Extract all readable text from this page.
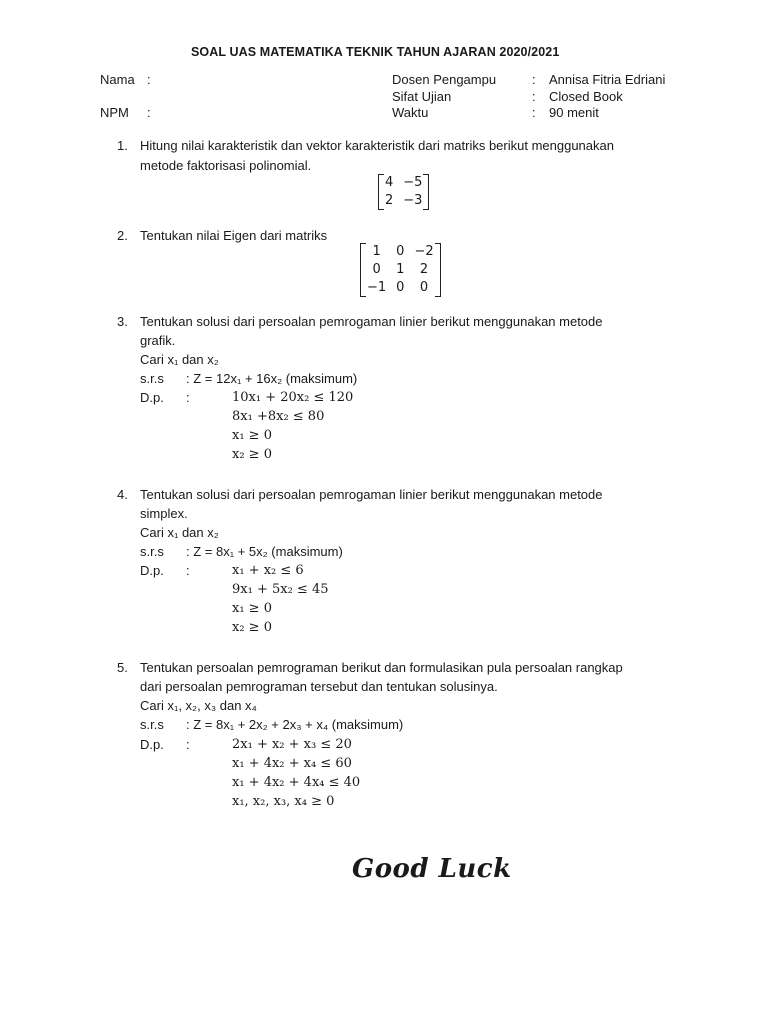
SOAL UAS MATEMATIKA TEKNIK TAHUN AJARAN 2020/2021
Nama :
NPM :
Dosen Pengampu	: Annisa Fitria Edriani
Sifat Ujian	: Closed Book
Waktu	: 90 menit
1. Hitung nilai karakteristik dan vektor karakteristik dari matriks berikut menggunakan
metode faktorisasi polinomial.
4	−5
2	−3
2. Tentukan nilai Eigen dari matriks
1	0	−2
0	1	2
−1	0	0
3. Tentukan solusi dari persoalan pemrogaman linier berikut menggunakan metode
grafik.
Cari x₁ dan x₂
s.r.s : Z = 12x₁ + 16x₂ (maksimum)
D.p. :	10x₁ + 20x₂ ≤ 120
8x₁ +8x₂ ≤ 80
x₁ ≥ 0
x₂ ≥ 0
4. Tentukan solusi dari persoalan pemrogaman linier berikut menggunakan metode
simplex.
Cari x₁ dan x₂
s.r.s : Z = 8x₁ + 5x₂ (maksimum)
D.p. :	x₁ + x₂ ≤ 6
9x₁ + 5x₂ ≤ 45
x₁ ≥ 0
x₂ ≥ 0
5. Tentukan persoalan pemrograman berikut dan formulasikan pula persoalan rangkap
dari persoalan pemrograman tersebut dan tentukan solusinya.
Cari x₁, x₂, x₃ dan x₄
s.r.s : Z = 8x₁ + 2x₂ + 2x₃ + x₄ (maksimum)
D.p. :	2x₁ + x₂ + x₃ ≤ 20
x₁ + 4x₂ + x₄ ≤ 60
x₁ + 4x₂ + 4x₄ ≤ 40
x₁, x₂, x₃, x₄ ≥ 0
Good Luck
